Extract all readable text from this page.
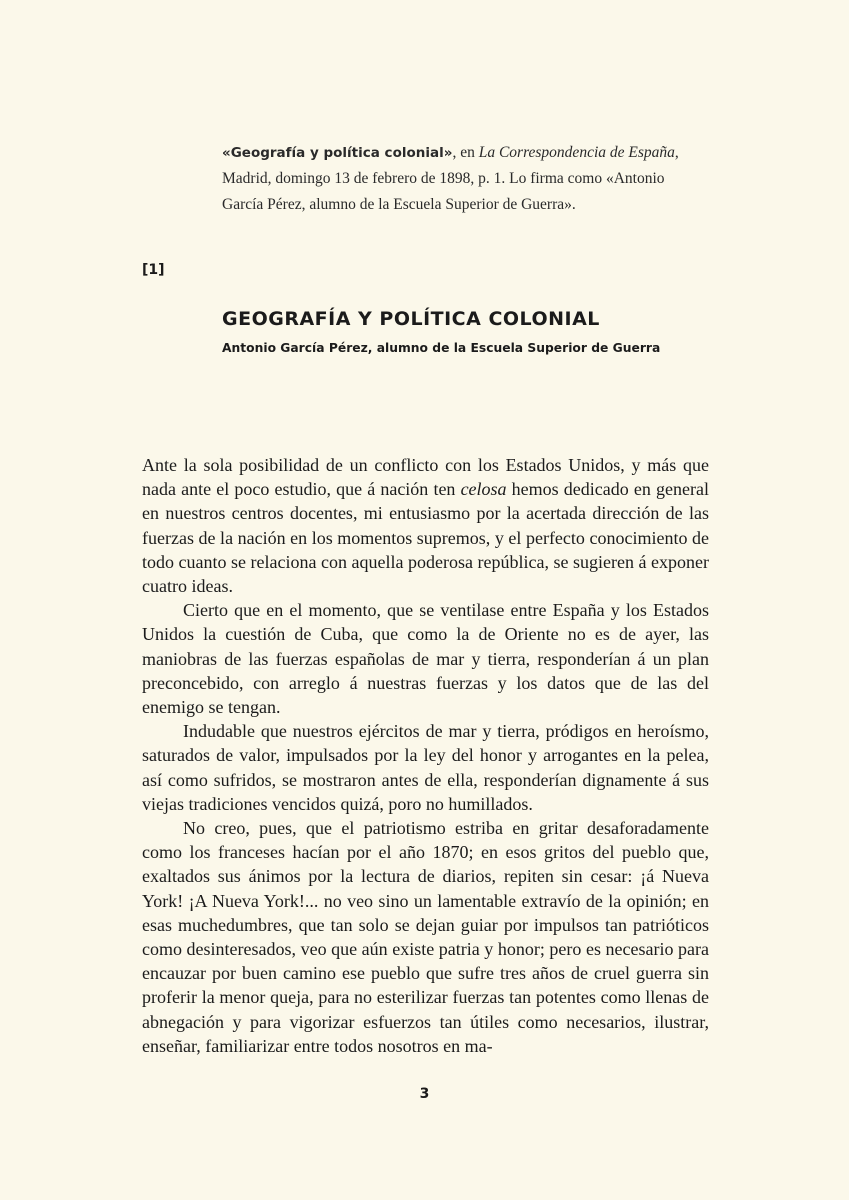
«Geografía y política colonial», en La Correspondencia de España, Madrid, domingo 13 de febrero de 1898, p. 1. Lo firma como «Antonio García Pérez, alumno de la Escuela Superior de Guerra».
[1]
GEOGRAFÍA Y POLÍTICA COLONIAL
Antonio García Pérez, alumno de la Escuela Superior de Guerra

Ante la sola posibilidad de un conflicto con los Estados Unidos, y más que nada ante el poco estudio, que á nación ten celosa hemos dedicado en general en nuestros centros docentes, mi entusiasmo por la acertada dirección de las fuerzas de la nación en los momentos supremos, y el perfecto conocimiento de todo cuanto se relaciona con aquella poderosa república, se sugieren á exponer cuatro ideas.

Cierto que en el momento, que se ventilase entre España y los Estados Unidos la cuestión de Cuba, que como la de Oriente no es de ayer, las maniobras de las fuerzas españolas de mar y tierra, responderían á un plan preconcebido, con arreglo á nuestras fuerzas y los datos que de las del enemigo se tengan.

Indudable que nuestros ejércitos de mar y tierra, pródigos en heroísmo, saturados de valor, impulsados por la ley del honor y arrogantes en la pelea, así como sufridos, se mostraron antes de ella, responderían dignamente á sus viejas tradiciones vencidos quizá, poro no humillados.

No creo, pues, que el patriotismo estriba en gritar desaforadamente como los franceses hacían por el año 1870; en esos gritos del pueblo que, exaltados sus ánimos por la lectura de diarios, repiten sin cesar: ¡á Nueva York! ¡A Nueva York!... no veo sino un lamentable extravío de la opinión; en esas muchedumbres, que tan solo se dejan guiar por impulsos tan patrióticos como desinteresados, veo que aún existe patria y honor; pero es necesario para encauzar por buen camino ese pueblo que sufre tres años de cruel guerra sin proferir la menor queja, para no esterilizar fuerzas tan potentes como llenas de abnegación y para vigorizar esfuerzos tan útiles como necesarios, ilustrar, enseñar, familiarizar entre todos nosotros en ma-

3
